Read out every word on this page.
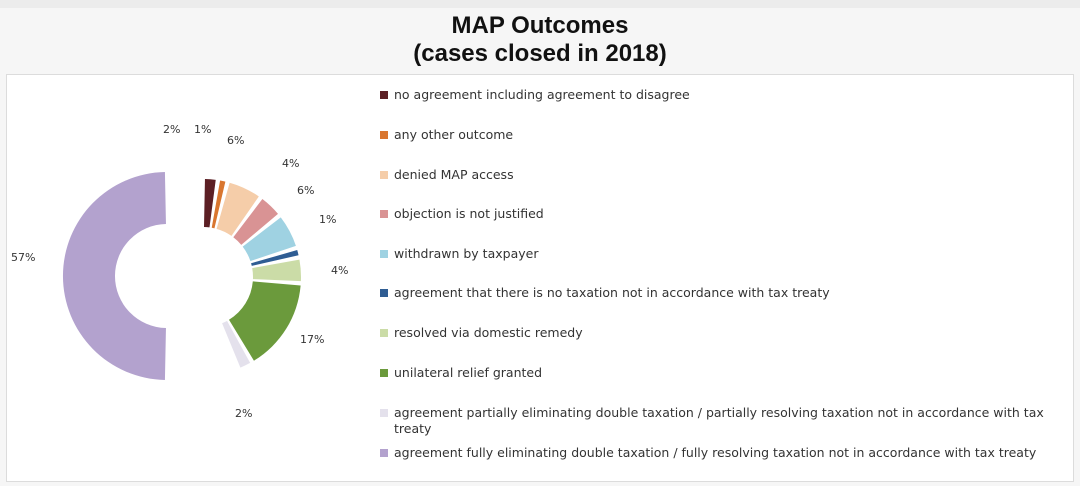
MAP Outcomes
(cases closed in 2018)
2% 1%
6%
4%
6%
1%
4%
17%
2%
57%
no agreement including agreement to disagree
any other outcome
denied MAP access
objection is not justified
withdrawn by taxpayer
agreement that there is no taxation not in accordance with tax treaty
resolved via domestic remedy
unilateral relief granted
agreement partially eliminating double taxation / partially resolving taxation not in accordance with tax treaty
agreement fully eliminating double taxation / fully resolving taxation not in accordance with tax treaty
